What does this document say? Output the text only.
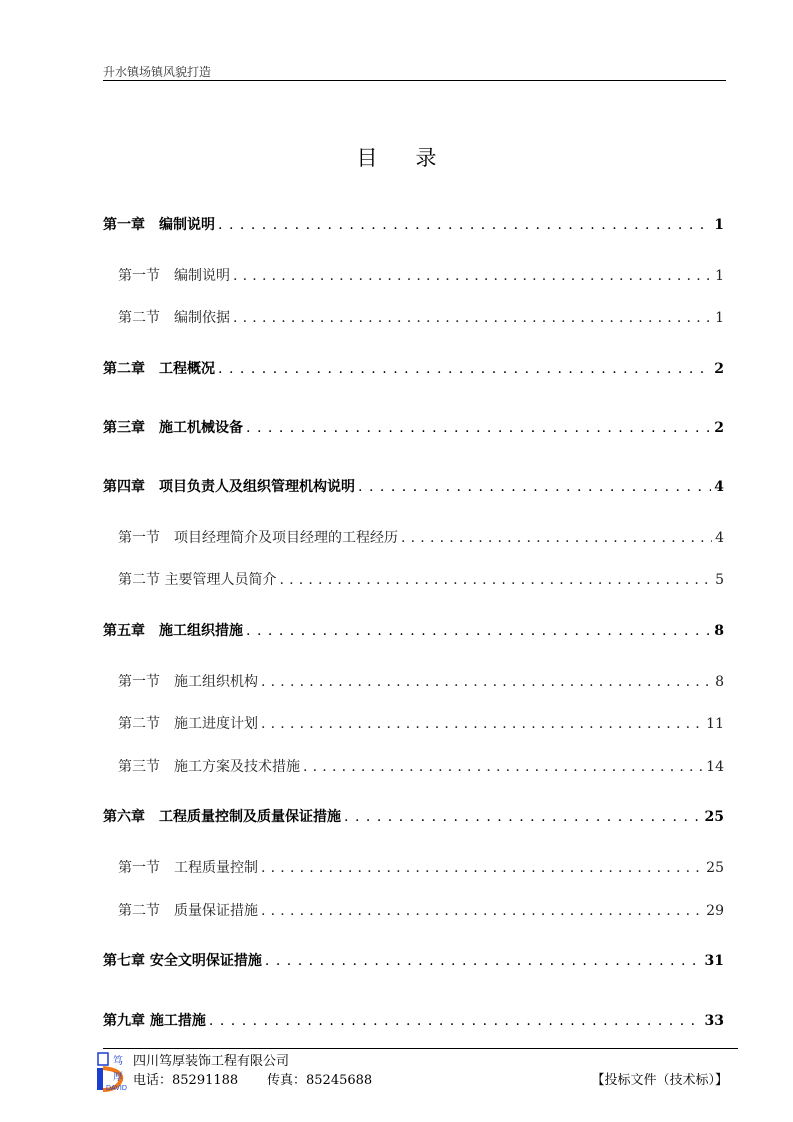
升水镇场镇风貌打造
目录
第一章　编制说明 .....	1
第一节　编制说明 .....	1
第二节　编制依据 .....	1
第二章　工程概况 .....	2
第三章　施工机械设备 .....	2
第四章　项目负责人及组织管理机构说明 .....	4
第一节　项目经理简介及项目经理的工程经历 .....	4
第二节 主要管理人员简介 .....	5
第五章　施工组织措施 .....	8
第一节　施工组织机构 .....	8
第二节　施工进度计划 .....	11
第三节　施工方案及技术措施 .....	14
第六章　工程质量控制及质量保证措施 .....	25
第一节　工程质量控制 .....	25
第二节　质量保证措施 .....	29
第七章 安全文明保证措施 .....	31
第九章 施工措施 .....	33
DAVID
笃
厚
四川笃厚装饰工程有限公司
电话：85291188 传真：85245688	【投标文件（技术标）】
